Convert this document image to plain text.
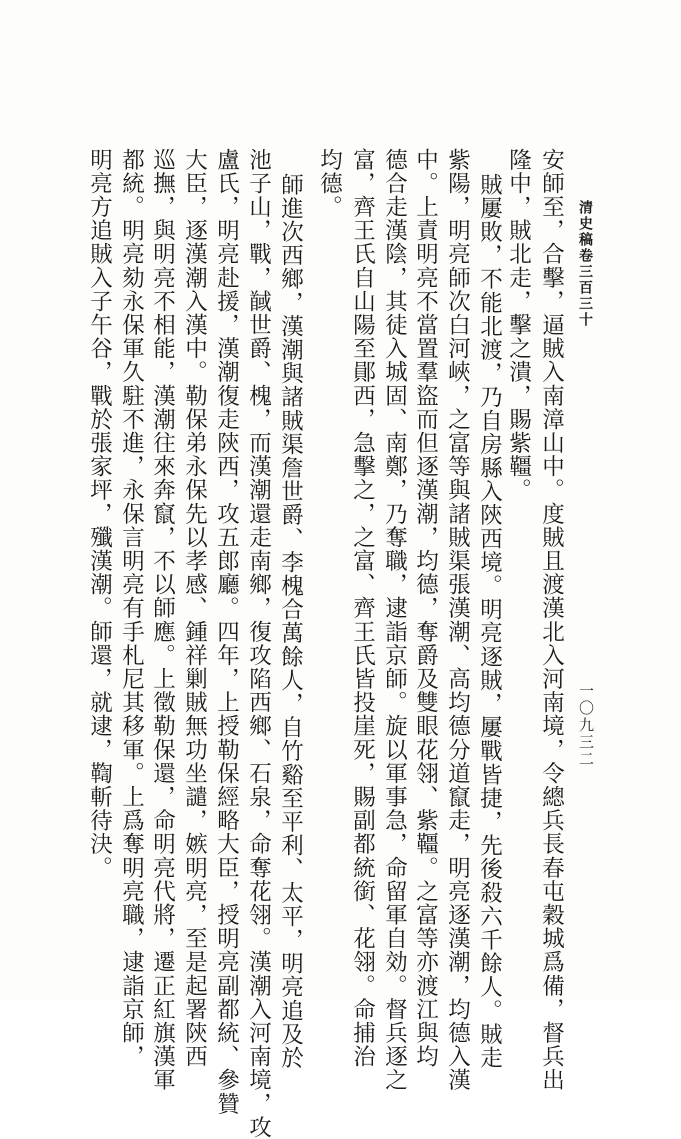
清史稿卷三百三十
安師至，合擊，逼賊入南漳山中。度賊且渡漢北入河南境，令總兵長春屯穀城爲備，督兵出
隆中，賊北走，擊之潰，賜紫韁。
賊屢敗，不能北渡，乃自房縣入陝西境。明亮逐賊，屢戰皆捷，先後殺六千餘人。賊走
紫陽，明亮師次白河峽，之富等與諸賊渠張漢潮、高均德分道竄走，明亮逐漢潮，均德入漢
中。上責明亮不當置羣盜而但逐漢潮，均德，奪爵及雙眼花翎、紫韁。之富等亦渡江與均
德合走漢陰，其徒入城固、南鄭，乃奪職，逮詣京師。旋以軍事急，命留軍自効。督兵逐之
富，齊王氏自山陽至鄖西，急擊之，之富、齊王氏皆投崖死，賜副都統銜、花翎。命捕治
均德。
師進次西鄉，漢潮與諸賊渠詹世爵、李槐合萬餘人，自竹谿至平利、太平，明亮追及於
池子山，戰，馘世爵、槐，而漢潮還走南鄉，復攻陷西鄉、石泉，命奪花翎。漢潮入河南境，攻
盧氏，明亮赴援，漢潮復走陝西，攻五郎廳。四年，上授勒保經略大臣，授明亮副都統、參贊
大臣，逐漢潮入漢中。勒保弟永保先以孝感、鍾祥剿賊無功坐譴，嫉明亮，至是起署陝西
巡撫，與明亮不相能，漢潮往來奔竄，不以師應。上徵勒保還，命明亮代將，遷正紅旗漢軍
都統。明亮劾永保軍久駐不進，永保言明亮有手札尼其移軍。上爲奪明亮職，逮詣京師，
明亮方追賊入子午谷，戰於張家坪，殲漢潮。師還，就逮，鞫斬待決。	一〇九三二
